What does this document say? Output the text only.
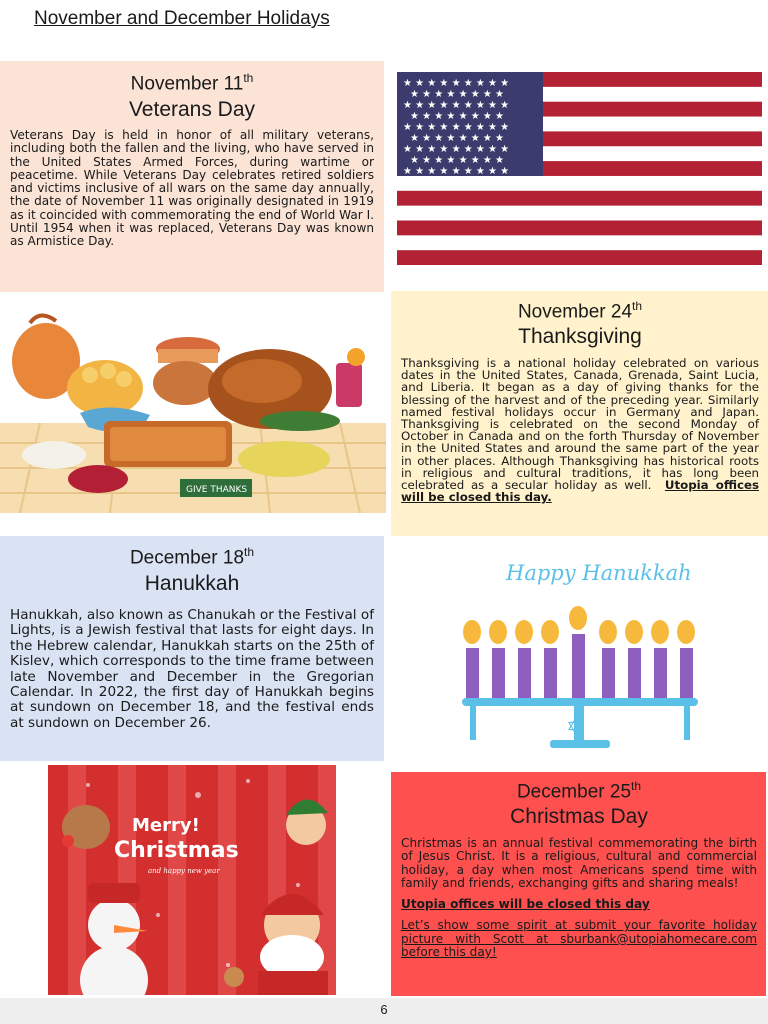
November and December Holidays

November 11th

Veterans Day

Veterans Day is held in honor of all military veterans, including both the fallen and the living, who have served in the United States Armed Forces, during wartime or peacetime. While Veterans Day celebrates retired soldiers and victims inclusive of all wars on the same day annually, the date of November 11 was originally designated in 1919 as it coincided with commemorating the end of World War I. Until 1954 when it was replaced, Veterans Day was known as Armistice Day.

★ ★ ★ ★ ★ ★ ★ ★ ★
★ ★ ★ ★ ★ ★ ★ ★
★ ★ ★ ★ ★ ★ ★ ★ ★
★ ★ ★ ★ ★ ★ ★ ★
★ ★ ★ ★ ★ ★ ★ ★ ★
★ ★ ★ ★ ★ ★ ★ ★
★ ★ ★ ★ ★ ★ ★ ★ ★
★ ★ ★ ★ ★ ★ ★ ★
★ ★ ★ ★ ★ ★ ★ ★ ★
GIVE THANKS

November 24th

Thanksgiving

Thanksgiving is a national holiday celebrated on various dates in the United States, Canada, Grenada, Saint Lucia, and Liberia. It began as a day of giving thanks for the blessing of the harvest and of the preceding year. Similarly named festival holidays occur in Germany and Japan. Thanksgiving is celebrated on the second Monday of October in Canada and on the forth Thursday of November in the United States and around the same part of the year in other places. Although Thanksgiving has historical roots in religious and cultural traditions, it has long been celebrated as a secular holiday as well. Utopia offices will be closed this day.

December 18th

Hanukkah

Hanukkah, also known as Chanukah or the Festival of Lights, is a Jewish festival that lasts for eight days. In the Hebrew calendar, Hanukkah starts on the 25th of Kislev, which corresponds to the time frame between late November and December in the Gregorian Calendar. In 2022, the first day of Hanukkah begins at sundown on December 18, and the festival ends at sundown on December 26.

Happy Hanukkah
✡
Merry!
Christmas
and happy new year

December 25th

Christmas Day

Christmas is an annual festival commemorating the birth of Jesus Christ. It is a religious, cultural and commercial holiday, a day when most Americans spend time with family and friends, exchanging gifts and sharing meals!

Utopia offices will be closed this day

Let’s show some spirit at submit your favorite holiday picture with Scott at sburbank@utopiahomecare.com before this day!

6
